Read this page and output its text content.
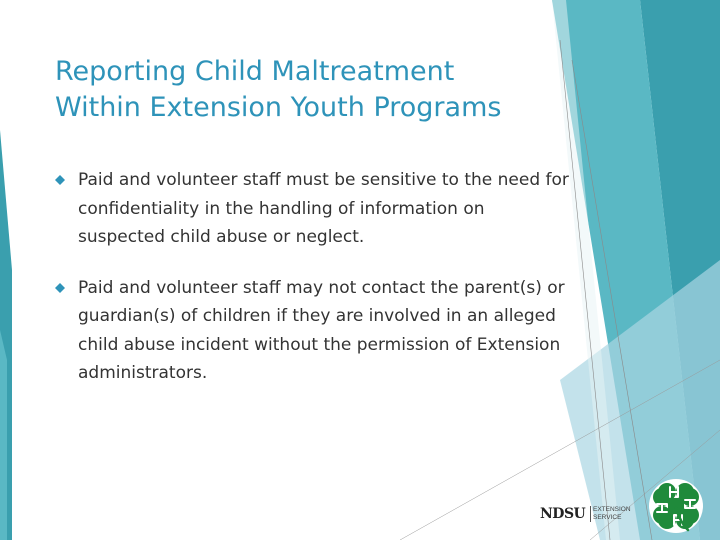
Reporting Child Maltreatment
Within Extension Youth Programs
Paid and volunteer staff must be sensitive to the need for confidentiality in the handling of information on suspected child abuse or neglect.
Paid and volunteer staff may not contact the parent(s) or guardian(s) of children if they are involved in an alleged child abuse incident without the permission of Extension administrators.
NDSU EXTENSION
SERVICE
